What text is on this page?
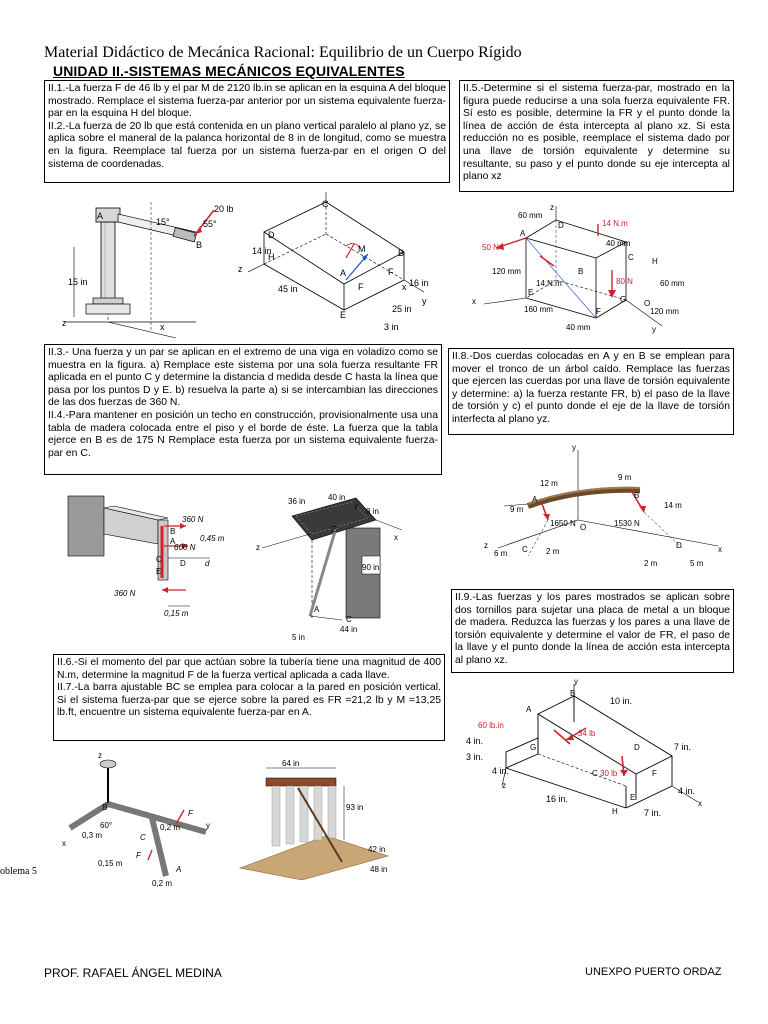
Material Didáctico de Mecánica Racional: Equilibrio de un Cuerpo Rígido
UNIDAD II.-SISTEMAS MECÁNICOS EQUIVALENTES

II.1.-La fuerza F de 46 lb y el par M de 2120 lb.in se aplican en la esquina A del bloque mostrado. Remplace el sistema fuerza-par anterior por un sistema equivalente fuerza-par en la esquina H del bloque.

II.2.-La fuerza de 20 lb que está contenida en un plano vertical paralelo al plano yz, se aplica sobre el maneral de la palanca horizontal de 8 in de longitud, como se muestra en la figura. Reemplace tal fuerza por un sistema fuerza-par en el origen O del sistema de coordenadas.

II.5.-Determine si el sistema fuerza-par, mostrado en la figura puede reducirse a una sola fuerza equivalente FR. Sí esto es posible, determine la FR y el punto donde la línea de acción de ésta intercepta al plano xz. Si esta reducción no es posible, reemplace el sistema dado por una llave de torsión equivalente y determine su resultante, su paso y el punto donde su eje intercepta al plano xz

II.3.- Una fuerza y un par se aplican en el extremo de una viga en voladizo como se muestra en la figura. a) Remplace este sistema por una sola fuerza resultante FR aplicada en el punto C y determine la distancia d medida desde C hasta la línea que pasa por los puntos D y E. b) resuelva la parte a) si se intercambian las direcciones de las dos fuerzas de 360 N.

II.4.-Para mantener en posición un techo en construcción, provisionalmente usa una tabla de madera colocada entre el piso y el borde de éste. La fuerza que la tabla ejerce en B es de 175 N Remplace esta fuerza por un sistema equivalente fuerza-par en C.

II.8.-Dos cuerdas colocadas en A y en B se emplean para mover el tronco de un árbol caído. Remplace las fuerzas que ejercen las cuerdas por una llave de torsión equivalente y determine: a) la fuerza restante FR, b) el paso de la llave de torsión y c) el punto donde el eje de la llave de torsión interfecta al plano yz.

II.9.-Las fuerzas y los pares mostrados se aplican sobre dos tornillos para sujetar una placa de metal a un bloque de madera. Reduzca las fuerzas y los pares a una llave de torsión equivalente y determine el valor de FR, el paso de la llave y el punto donde la línea de acción esta intercepta al plano xz.

II.6.-Si el momento del par que actúan sobre la tubería tiene una magnitud de 400 N.m, determine la magnitud F de la fuerza vertical aplicada a cada llave.

II.7.-La barra ajustable BC se emplea para colocar a la pared en posición vertical. Si el sistema fuerza-par que se ejerce sobre la pared es FR =21,2 lb y M =13,25 lb.ft, encuentre un sistema equivalente fuerza-par en A.

A
15°	55°
20 lb
B
15 in
z	x
C
D
14 in
H
M
A
B
F
F
45 in
16 in
25 in
3 in
E
z
x
y
60 mm
z
D	14 N.m
40 mm
50 N
A
C
120 mm	B
14 N.m	80 N
H
60 mm
E
G O
x
160 mm	120 mm
F
40 mm	y
360 N
B
A
600 N
0,45 m
D d
C
E
360 N
0,15 m
36 in	40 in
8 in
y
x
z
B
90 in
A
C
44 in
5 in
y
12 m
9 m
B
14 m
9 m
A
1650 N	1530 N
O
z
6 m C 2 m
D	x
2 m	5 m
y
B
10 in.
A
60 lb.in
34 lb
4 in.
G	D	7 in.
3 in.
4 in.	C 30 lb	F
4 in.
z
E
x
16 in.
H	7 in.
B
60°
0,3 m
0,2 m
F
F
C
0,15 m
A
0,2 m
x
y
z
64 in
93 in
42 in
48 in
oblema 5
PROF. RAFAEL ÁNGEL MEDINA	UNEXPO PUERTO ORDAZ
